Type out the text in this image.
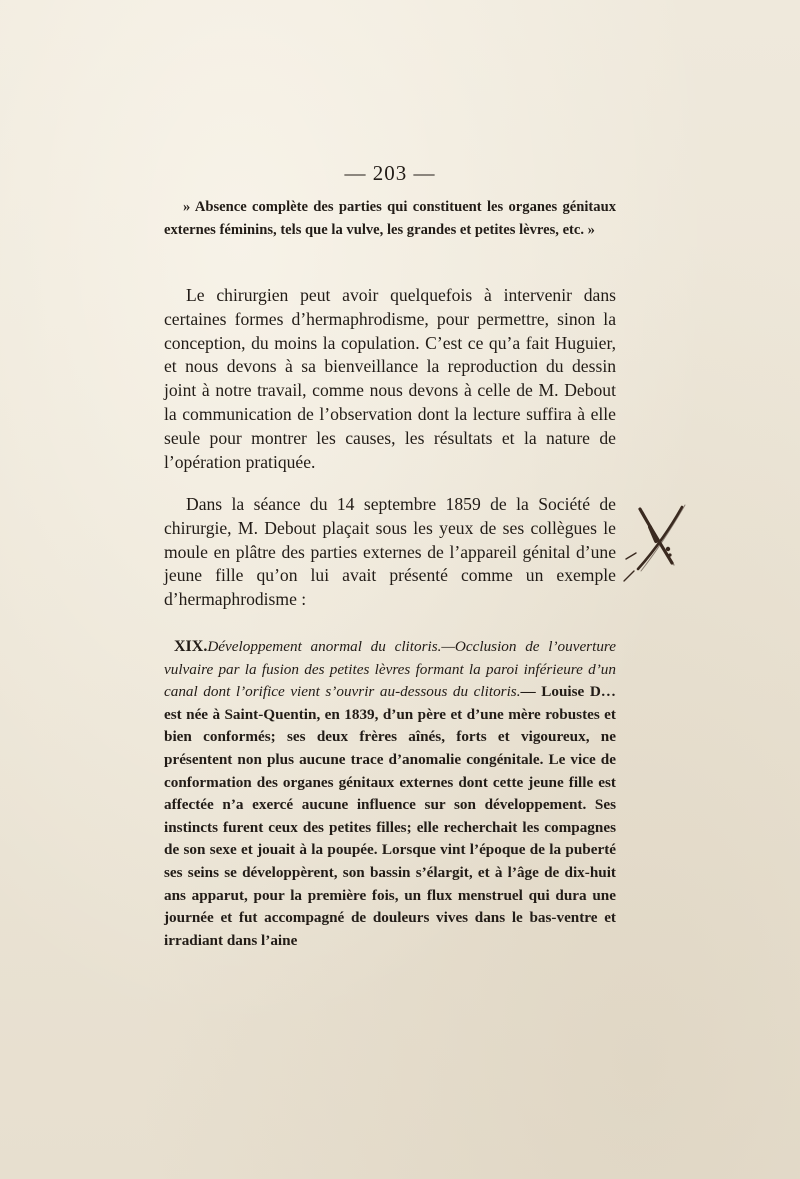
— 203 —

» Absence complète des parties qui constituent les organes génitaux externes féminins, tels que la vulve, les grandes et petites lèvres, etc. »

Le chirurgien peut avoir quelquefois à intervenir dans certaines formes d’hermaphrodisme, pour permettre, sinon la conception, du moins la copulation. C’est ce qu’a fait Huguier, et nous devons à sa bienveillance la reproduction du dessin joint à notre travail, comme nous devons à celle de M. Debout la communication de l’observation dont la lecture suffira à elle seule pour montrer les causes, les résultats et la nature de l’opération pratiquée.

Dans la séance du 14 septembre 1859 de la Société de chirurgie, M. Debout plaçait sous les yeux de ses collègues le moule en plâtre des parties externes de l’appareil génital d’une jeune fille qu’on lui avait présenté comme un exemple d’hermaphrodisme :

XIX.Développement anormal du clitoris.—Occlusion de l’ouverture vulvaire par la fusion des petites lèvres formant la paroi inférieure d’un canal dont l’orifice vient s’ouvrir au-dessous du clitoris.— Louise D… est née à Saint-Quentin, en 1839, d’un père et d’une mère robustes et bien conformés; ses deux frères aînés, forts et vigoureux, ne présentent non plus aucune trace d’anomalie congénitale. Le vice de conformation des organes génitaux externes dont cette jeune fille est affectée n’a exercé aucune influence sur son développement. Ses instincts furent ceux des petites filles; elle recherchait les compagnes de son sexe et jouait à la poupée. Lorsque vint l’époque de la puberté ses seins se développèrent, son bassin s’élargit, et à l’âge de dix-huit ans apparut, pour la première fois, un flux menstruel qui dura une journée et fut accompagné de douleurs vives dans le bas-ventre et irradiant dans l’aine
